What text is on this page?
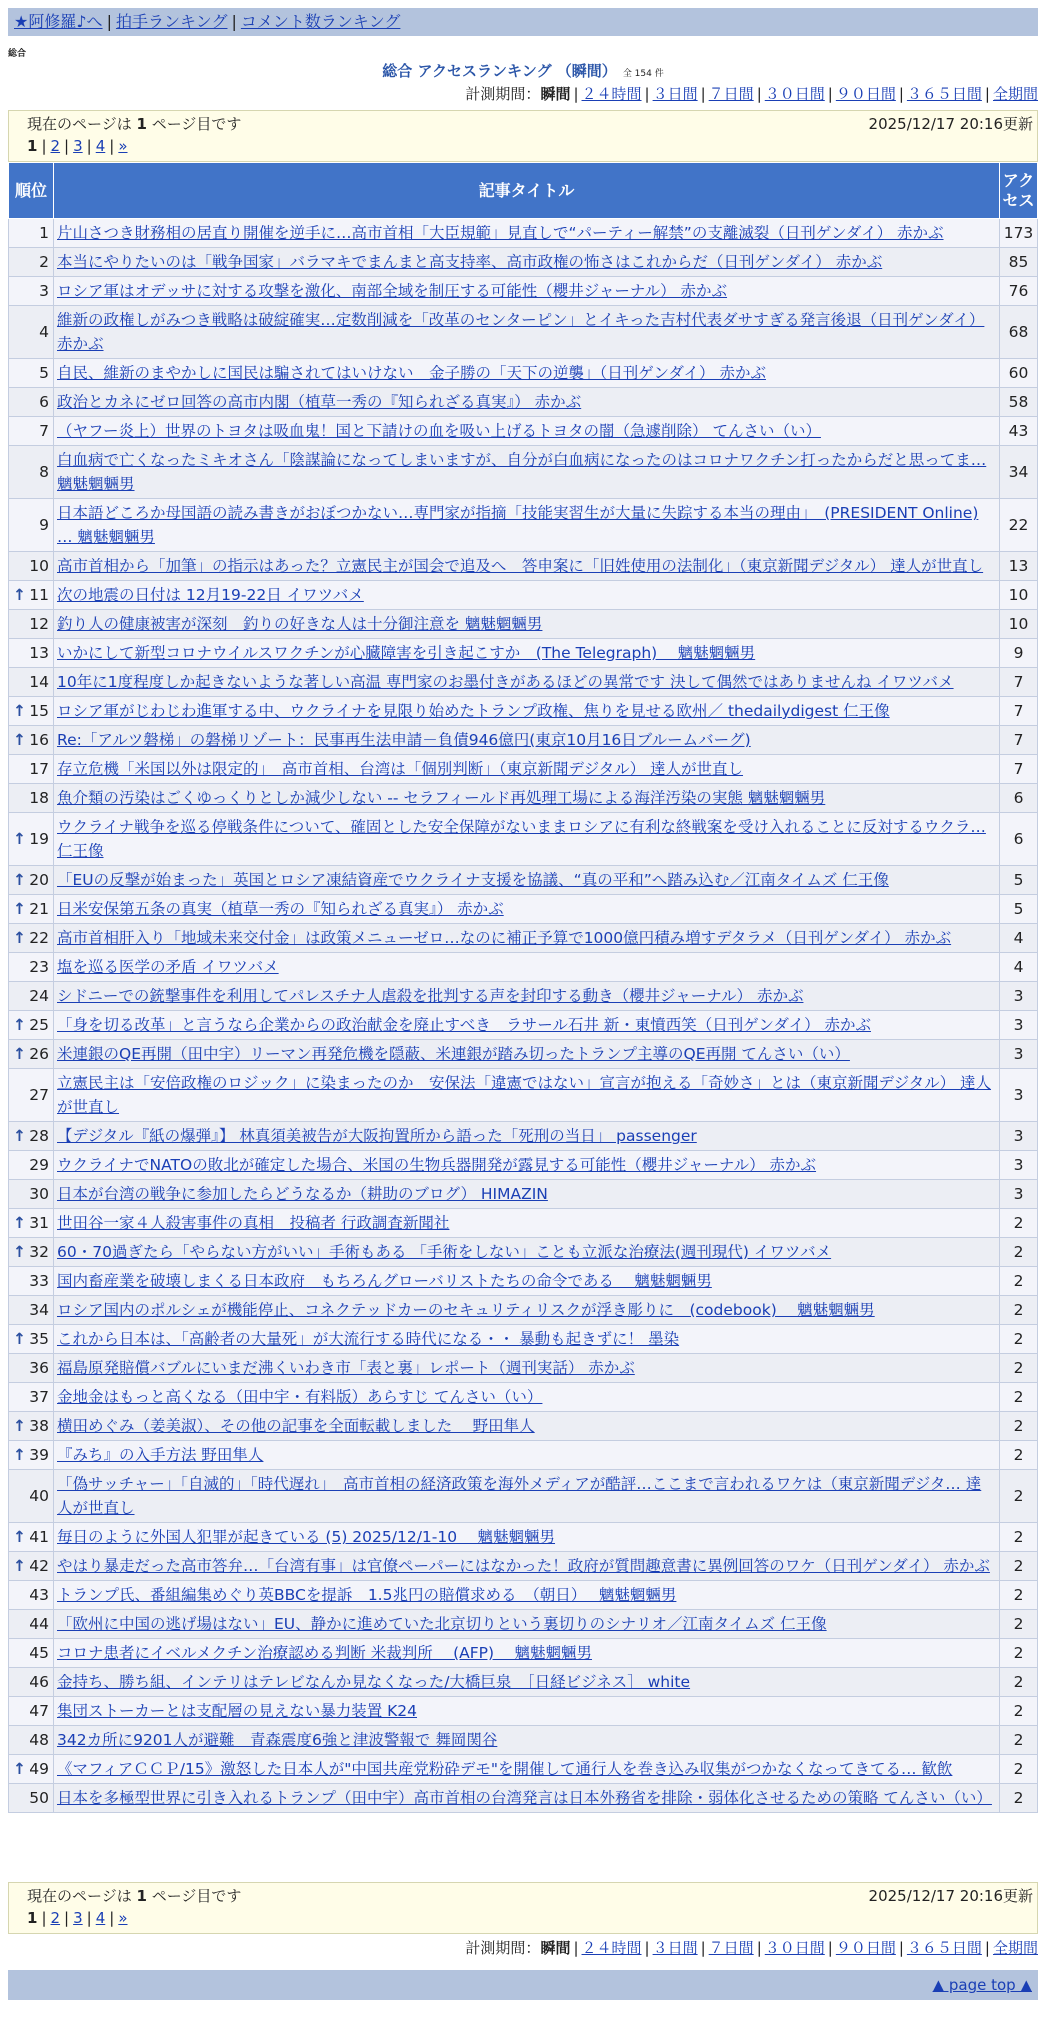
★阿修羅♪へ | 拍手ランキング | コメント数ランキング
総合
総合 アクセスランキング （瞬間） 全 154 件
計測期間：瞬間 | ２４時間 | ３日間 | ７日間 | ３０日間 | ９０日間 | ３６５日間 | 全期間
現在のページは 1 ページ目です	2025/12/17 20:16更新
1 | 2 | 3 | 4 | »
順位	記事タイトル	アクセス
1	片山さつき財務相の居直り開催を逆手に…高市首相「大臣規範」見直しで“パーティー解禁”の支離滅裂（日刊ゲンダイ） 赤かぶ	173
2	本当にやりたいのは「戦争国家」バラマキでまんまと高支持率、高市政権の怖さはこれからだ（日刊ゲンダイ） 赤かぶ	85
3	ロシア軍はオデッサに対する攻撃を激化、南部全域を制圧する可能性（櫻井ジャーナル） 赤かぶ	76
4	維新の政権しがみつき戦略は破綻確実…定数削減を「改革のセンターピン」とイキった吉村代表ダサすぎる発言後退（日刊ゲンダイ） 赤かぶ	68
5	自民、維新のまやかしに国民は騙されてはいけない　金子勝の「天下の逆襲」（日刊ゲンダイ） 赤かぶ	60
6	政治とカネにゼロ回答の高市内閣（植草一秀の『知られざる真実』） 赤かぶ	58
7	（ヤフー炎上）世界のトヨタは吸血鬼！国と下請けの血を吸い上げるトヨタの闇（急遽削除） てんさい（い）	43
8	白血病で亡くなったミキオさん「陰謀論になってしまいますが、自分が白血病になったのはコロナワクチン打ったからだと思ってま… 魑魅魍魎男	34
9	日本語どころか母国語の読み書きがおぼつかない…専門家が指摘「技能実習生が大量に失踪する本当の理由」　(PRESIDENT Online) … 魑魅魍魎男	22
10	高市首相から「加筆」の指示はあった？立憲民主が国会で追及へ　答申案に「旧姓使用の法制化」（東京新聞デジタル） 達人が世直し	13

↑ 11	次の地震の日付は 12月19-22日 イワツバメ	10
12	釣り人の健康被害が深刻　釣りの好きな人は十分御注意を 魑魅魍魎男	10
13	いかにして新型コロナウイルスワクチンが心臓障害を引き起こすか　(The Telegraph)　 魑魅魍魎男	9
14	10年に1度程度しか起きないような著しい高温 専門家のお墨付きがあるほどの異常です 決して偶然ではありませんね イワツバメ	7

↑ 15	ロシア軍がじわじわ進軍する中、ウクライナを見限り始めたトランプ政権、焦りを見せる欧州／ thedailydigest 仁王像	7

↑ 16	Re:「アルツ磐梯」の磐梯リゾート：民事再生法申請－負債946億円(東京10月16日ブルームバーグ)	7
17	存立危機「米国以外は限定的」　高市首相、台湾は「個別判断」（東京新聞デジタル） 達人が世直し	7
18	魚介類の汚染はごくゆっくりとしか減少しない -- セラフィールド再処理工場による海洋汚染の実態 魑魅魍魎男	6

↑ 19	ウクライナ戦争を巡る停戦条件について、確固とした安全保障がないままロシアに有利な終戦案を受け入れることに反対するウクラ… 仁王像	6

↑ 20	「EUの反撃が始まった」英国とロシア凍結資産でウクライナ支援を協議、“真の平和”へ踏み込む／江南タイムズ 仁王像	5

↑ 21	日米安保第五条の真実（植草一秀の『知られざる真実』） 赤かぶ	5

↑ 22	高市首相肝入り「地域未来交付金」は政策メニューゼロ…なのに補正予算で1000億円積み増すデタラメ（日刊ゲンダイ） 赤かぶ	4
23	塩を巡る医学の矛盾 イワツバメ	4
24	シドニーでの銃撃事件を利用してパレスチナ人虐殺を批判する声を封印する動き（櫻井ジャーナル） 赤かぶ	3

↑ 25	「身を切る改革」と言うなら企業からの政治献金を廃止すべき　ラサール石井 新・東憤西笑（日刊ゲンダイ） 赤かぶ	3

↑ 26	米連銀のQE再開（田中宇）リーマン再発危機を隠蔽、米連銀が踏み切ったトランプ主導のQE再開 てんさい（い）	3
27	立憲民主は「安倍政権のロジック」に染まったのか　安保法「違憲ではない」宣言が抱える「奇妙さ」とは（東京新聞デジタル） 達人が世直し	3

↑ 28	【デジタル『紙の爆弾』】 林真須美被告が大阪拘置所から語った「死刑の当日」 passenger	3
29	ウクライナでNATOの敗北が確定した場合、米国の生物兵器開発が露見する可能性（櫻井ジャーナル） 赤かぶ	3
30	日本が台湾の戦争に参加したらどうなるか（耕助のブログ） HIMAZIN	3

↑ 31	世田谷一家４人殺害事件の真相　投稿者 行政調査新聞社	2

↑ 32	60・70過ぎたら「やらない方がいい」手術もある 「手術をしない」ことも立派な治療法(週刊現代) イワツバメ	2
33	国内畜産業を破壊しまくる日本政府　もちろんグローバリストたちの命令である　 魑魅魍魎男	2
34	ロシア国内のポルシェが機能停止、コネクテッドカーのセキュリティリスクが浮き彫りに　(codebook)　 魑魅魍魎男	2

↑ 35	これから日本は、「高齢者の大量死」が大流行する時代になる・・ 暴動も起きずに！ 墨染	2
36	福島原発賠償バブルにいまだ沸くいわき市「表と裏」レポート（週刊実話） 赤かぶ	2
37	金地金はもっと高くなる（田中宇・有料版）あらすじ てんさい（い）	2

↑ 38	横田めぐみ（姜美淑）、その他の記事を全面転載しました　 野田隼人	2

↑ 39	『みち』の入手方法 野田隼人	2
40	「偽サッチャー」「自滅的」「時代遅れ」　高市首相の経済政策を海外メディアが酷評…ここまで言われるワケは（東京新聞デジタ… 達人が世直し	2

↑ 41	毎日のように外国人犯罪が起きている (5) 2025/12/1-10　 魑魅魍魎男	2

↑ 42	やはり暴走だった高市答弁…「台湾有事」は官僚ペーパーにはなかった！政府が質問趣意書に異例回答のワケ（日刊ゲンダイ） 赤かぶ	2
43	トランプ氏、番組編集めぐり英BBCを提訴　1.5兆円の賠償求める　（朝日）　 魑魅魍魎男	2
44	「欧州に中国の逃げ場はない」EU、静かに進めていた北京切りという裏切りのシナリオ／江南タイムズ 仁王像	2
45	コロナ患者にイベルメクチン治療認める判断 米裁判所　 (AFP)　 魑魅魍魎男	2
46	金持ち、勝ち組、インテリはテレビなんか見なくなった/大橋巨泉　［日経ビジネス］ white	2
47	集団ストーカーとは支配層の見えない暴力装置 K24	2
48	342カ所に9201人が避難　青森震度6強と津波警報で 舞岡関谷	2

↑ 49	《マフィアＣＣＰ/15》激怒した日本人が"中国共産党粉砕デモ"を開催して通行人を巻き込み収集がつかなくなってきてる… 歓飲	2
50	日本を多極型世界に引き入れるトランプ（田中宇）高市首相の台湾発言は日本外務省を排除・弱体化させるための策略 てんさい（い）	2
現在のページは 1 ページ目です	2025/12/17 20:16更新
1 | 2 | 3 | 4 | »
計測期間：瞬間 | ２４時間 | ３日間 | ７日間 | ３０日間 | ９０日間 | ３６５日間 | 全期間
▲ page top ▲
